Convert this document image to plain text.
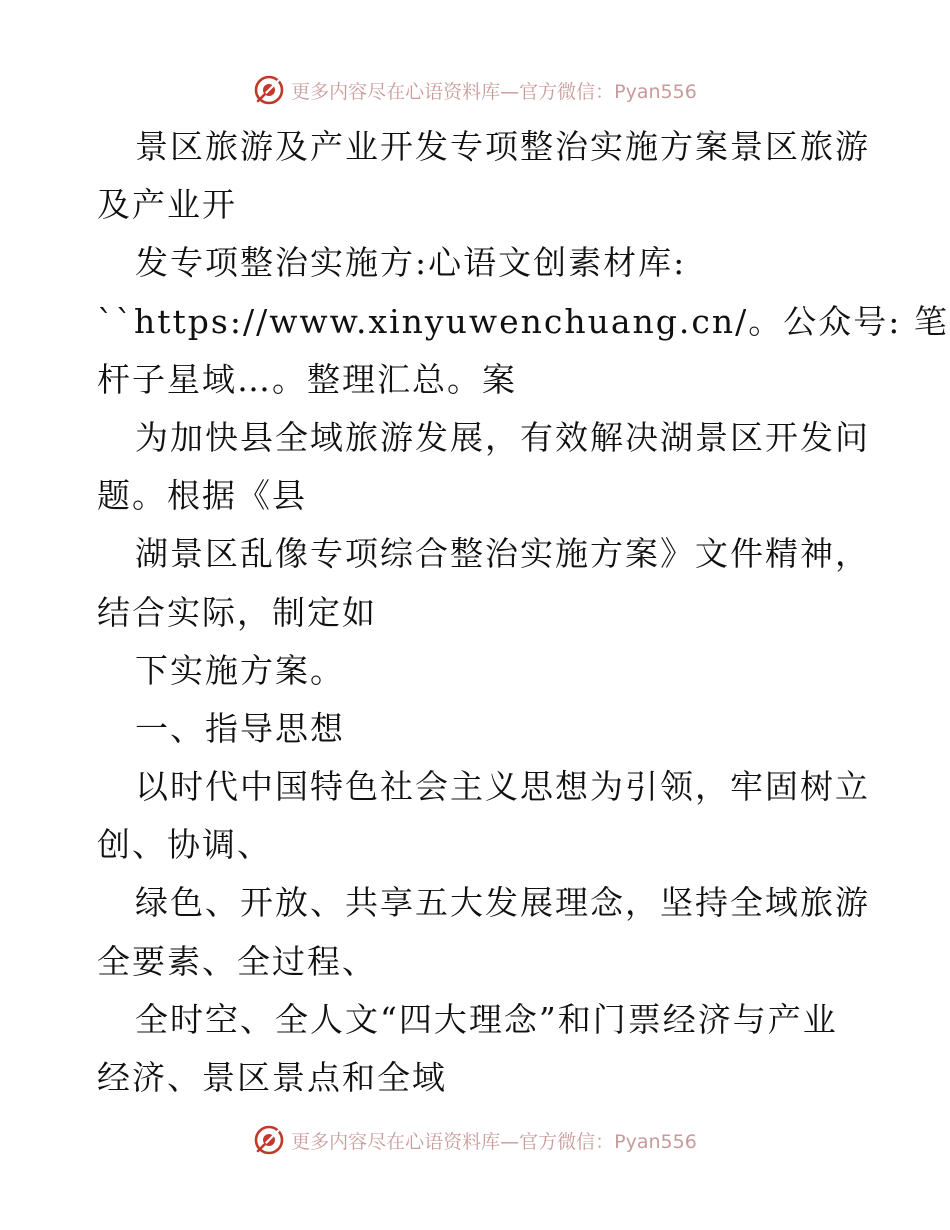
更多内容尽在心语资料库—官方微信：Pyan556
景区旅游及产业开发专项整治实施方案景区旅游
及产业开
发专项整治实施方:心语文创素材库:
``https://www.xinyuwenchuang.cn/。公众号: 笔
杆子星域…。整理汇总。案
为加快县全域旅游发展，有效解决湖景区开发问
题。根据《县
湖景区乱像专项综合整治实施方案》文件精神，
结合实际，制定如
下实施方案。
一、指导思想
以时代中国特色社会主义思想为引领，牢固树立
创、协调、
绿色、开放、共享五大发展理念，坚持全域旅游
全要素、全过程、
全时空、全人文“四大理念”和门票经济与产业
经济、景区景点和全域
更多内容尽在心语资料库—官方微信：Pyan556
